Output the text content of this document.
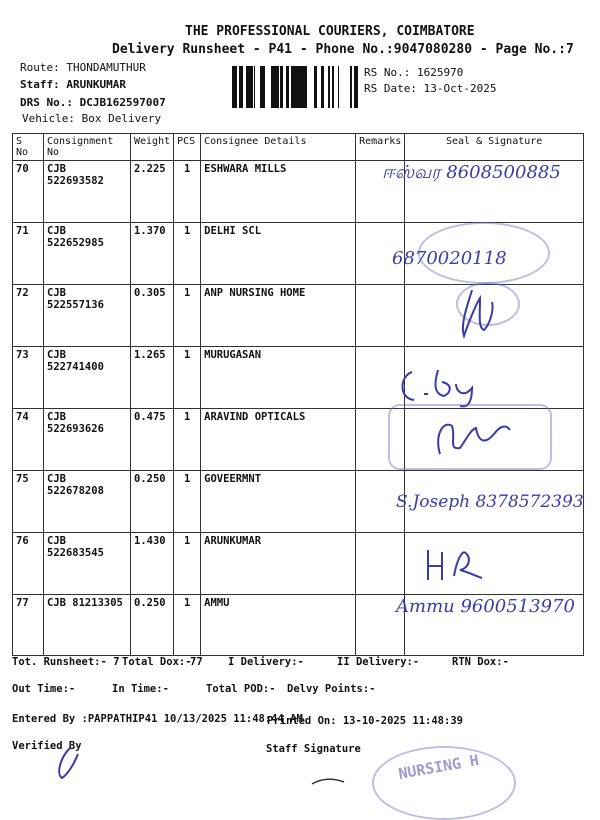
THE PROFESSIONAL COURIERS, COIMBATORE
Delivery Runsheet - P41 - Phone No.:9047080280 - Page No.:7
Route: THONDAMUTHUR
Staff: ARUNKUMAR
DRS No.: DCJB162597007
Vehicle: Box Delivery
RS No.: 1625970
RS Date: 13-Oct-2025
S No	Consignment No	Weight	PCS	Consignee Details	Remarks	Seal & Signature
70	CJB 522693582	2.225	1	ESHWARA MILLS		
71	CJB 522652985	1.370	1	DELHI SCL		
72	CJB 522557136	0.305	1	ANP NURSING HOME		
73	CJB 522741400	1.265	1	MURUGASAN		
74	CJB 522693626	0.475	1	ARAVIND OPTICALS		
75	CJB 522678208	0.250	1	GOVEERMNT		
76	CJB 522683545	1.430	1	ARUNKUMAR		
77	CJB 81213305	0.250	1	AMMU		
ஈஸ்வர 8608500885
6870020118
S.Joseph 8378572393
Ammu 9600513970
Tot. Runsheet:- 7 Total Dox:-
77 I Delivery:-	II Delivery:-	RTN Dox:-
Out Time:-	In Time:-	Total POD:- Delvy Points:-
Entered By :PAPPATHIP41 10/13/2025 11:48:44 AM
Printed On: 13-10-2025 11:48:39
Verified By	Staff Signature
NURSING H
